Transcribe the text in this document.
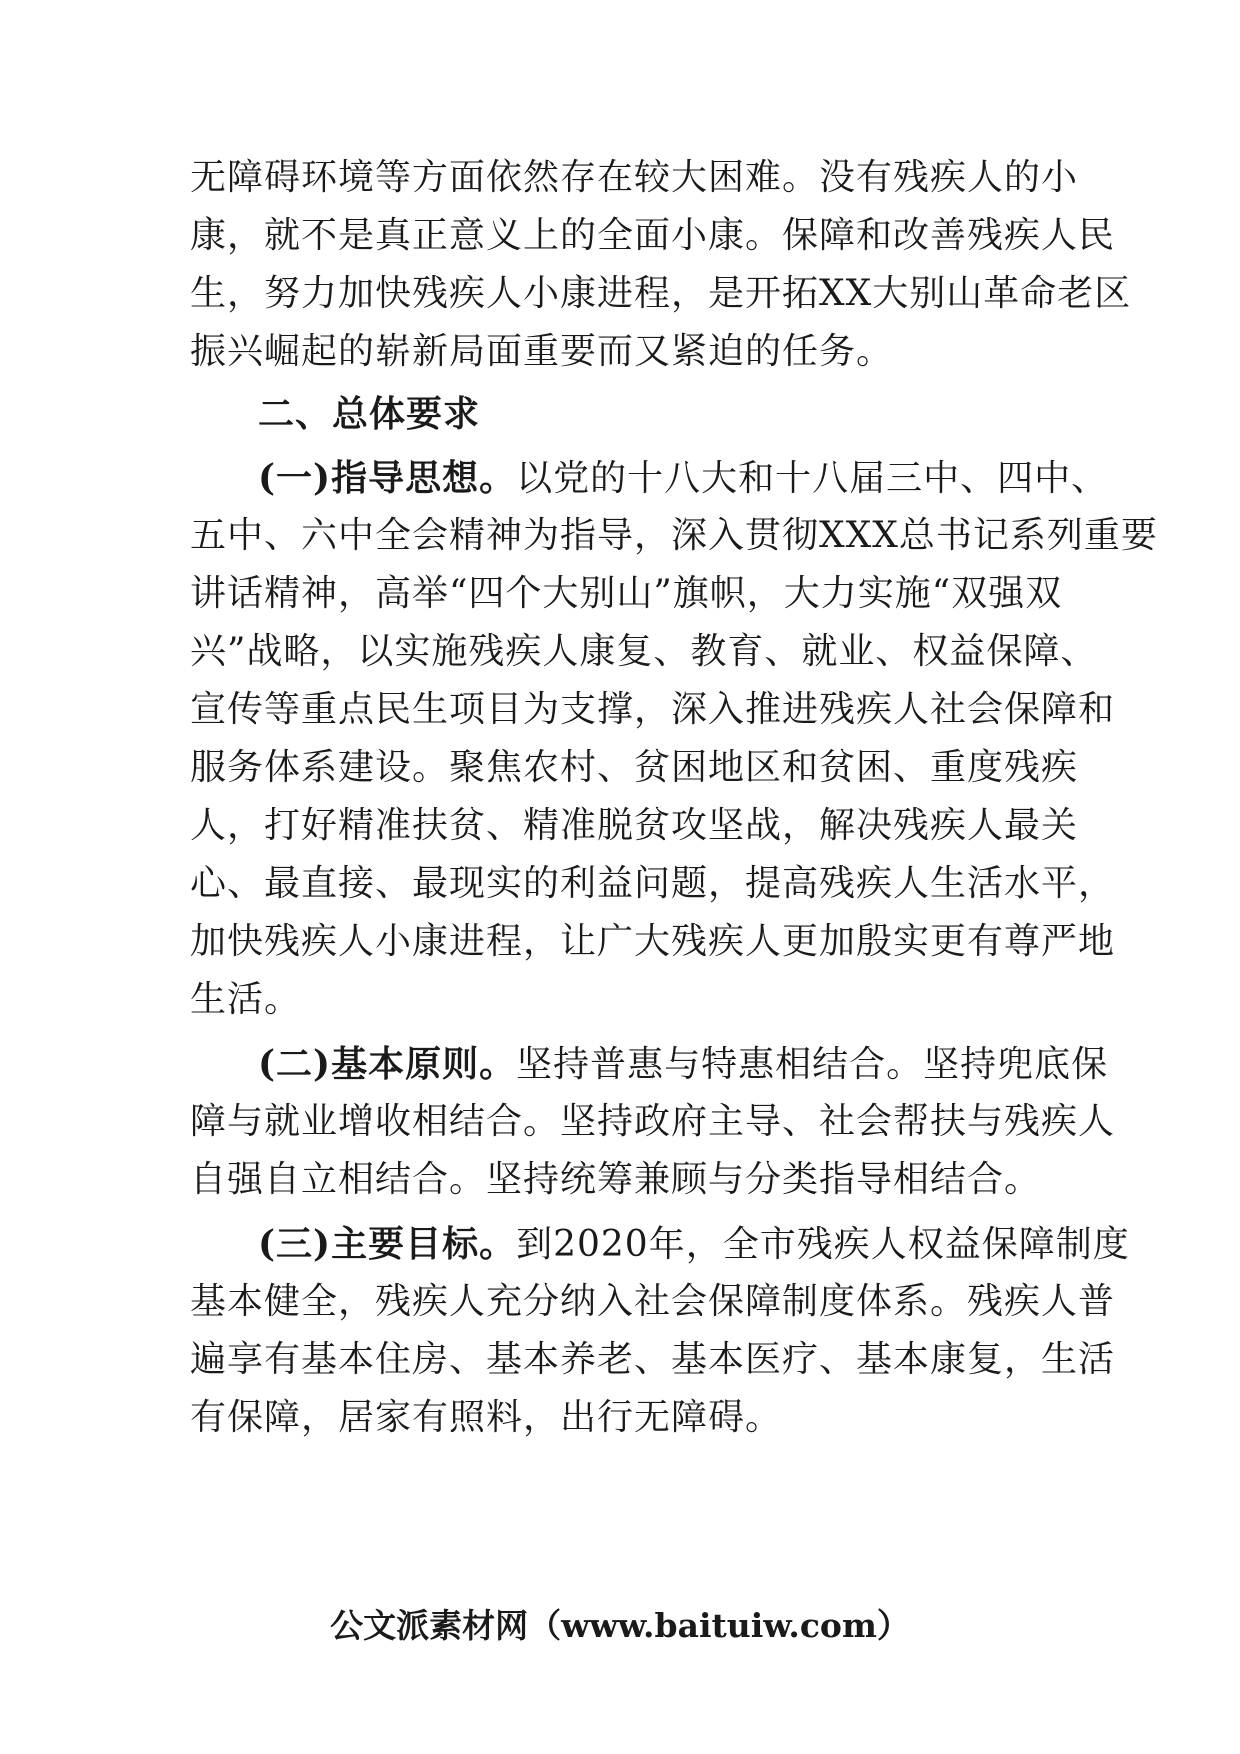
无障碍环境等方面依然存在较大困难。没有残疾人的小
康，就不是真正意义上的全面小康。保障和改善残疾人民
生，努力加快残疾人小康进程，是开拓XX大别山革命老区
振兴崛起的崭新局面重要而又紧迫的任务。
二、总体要求
(一)指导思想。以党的十八大和十八届三中、四中、
五中、六中全会精神为指导，深入贯彻XXX总书记系列重要
讲话精神，高举“四个大别山”旗帜，大力实施“双强双
兴”战略，以实施残疾人康复、教育、就业、权益保障、
宣传等重点民生项目为支撑，深入推进残疾人社会保障和
服务体系建设。聚焦农村、贫困地区和贫困、重度残疾
人，打好精准扶贫、精准脱贫攻坚战，解决残疾人最关
心、最直接、最现实的利益问题，提高残疾人生活水平，
加快残疾人小康进程，让广大残疾人更加殷实更有尊严地
生活。
(二)基本原则。坚持普惠与特惠相结合。坚持兜底保
障与就业增收相结合。坚持政府主导、社会帮扶与残疾人
自强自立相结合。坚持统筹兼顾与分类指导相结合。
(三)主要目标。到2020年，全市残疾人权益保障制度
基本健全，残疾人充分纳入社会保障制度体系。残疾人普
遍享有基本住房、基本养老、基本医疗、基本康复，生活
有保障，居家有照料，出行无障碍。
公文派素材网（www.baituiw.com）
